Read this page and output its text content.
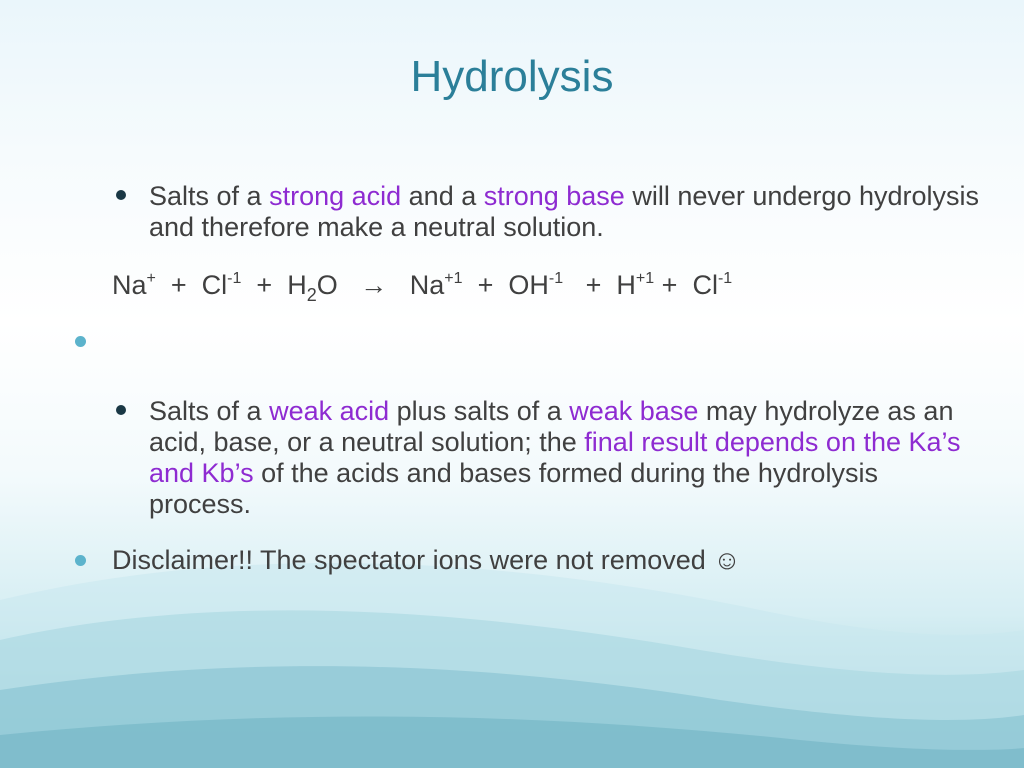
Hydrolysis
Salts of a strong acid and a strong base will never undergo hydrolysis and therefore make a neutral solution.
$Na^+ + Cl^{-1} + H_2O \to Na^{+1} + OH^{-1} + H^{+1} + Cl^{-1}$
Salts of a weak acid plus salts of a weak base may hydrolyze as an acid, base, or a neutral solution; the final result depends on the Ka’s and Kb’s of the acids and bases formed during the hydrolysis process.
Disclaimer!! The spectator ions were not removed ☺
